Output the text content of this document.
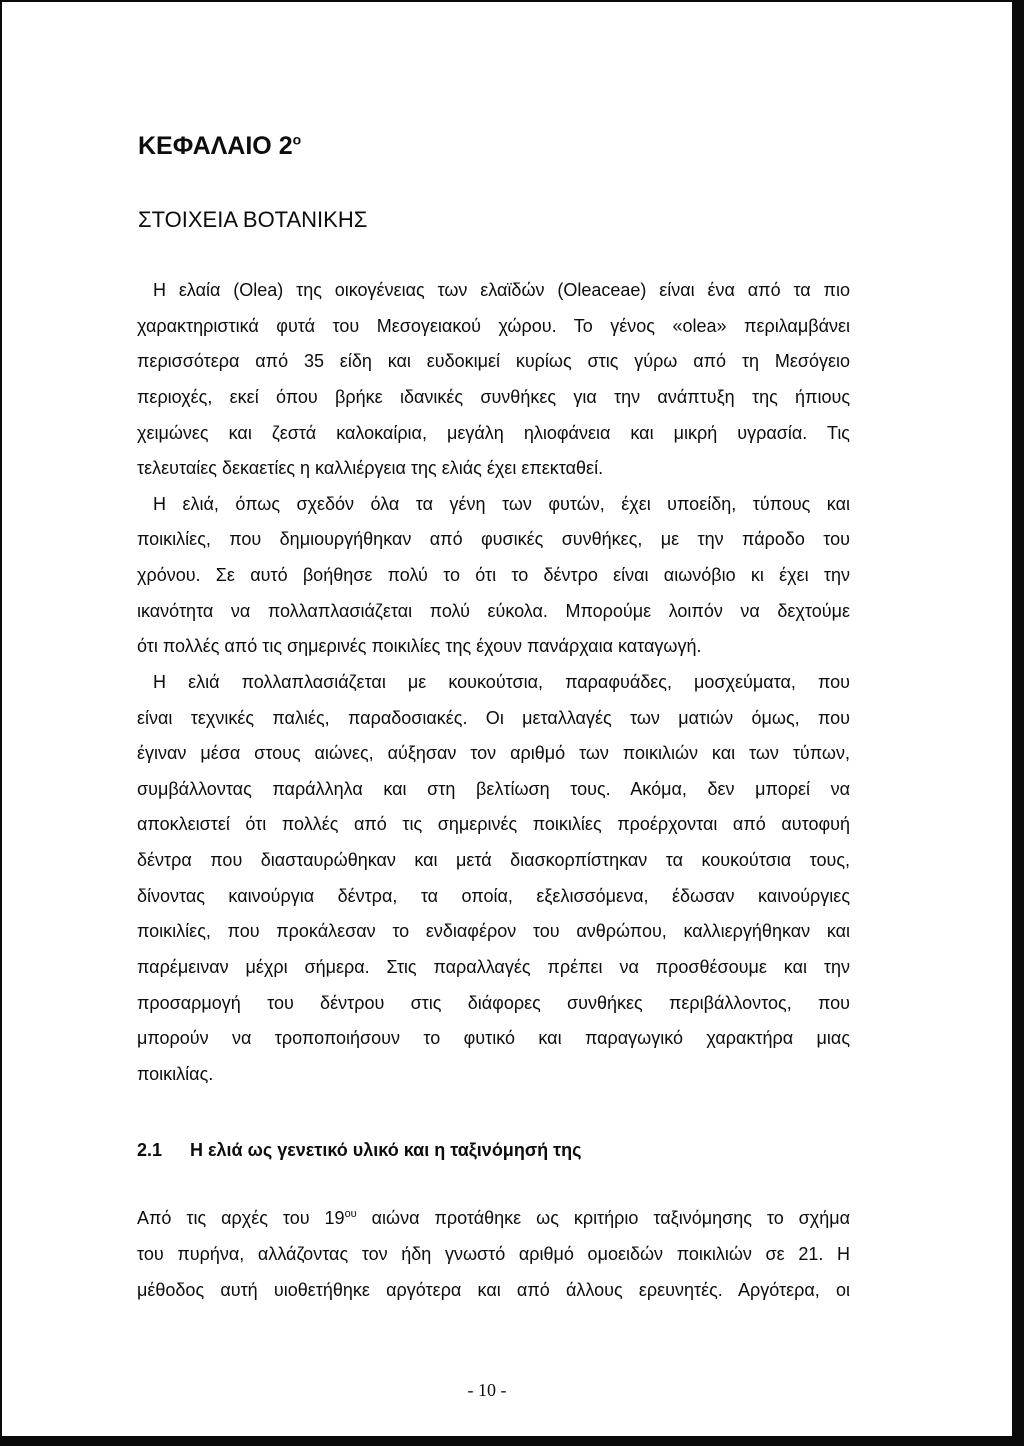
ΚΕΦΑΛΑΙΟ $2^o$
ΣΤΟΙΧΕΙΑ ΒΟΤΑΝΙΚΗΣ
Η ελαία (Olea) της οικογένειας των ελαϊδών (Oleaceae) είναι ένα από τα πιο
χαρακτηριστικά φυτά του Μεσογειακού χώρου. Το γένος «olea» περιλαμβάνει
περισσότερα από 35 είδη και ευδοκιμεί κυρίως στις γύρω από τη Μεσόγειο
περιοχές, εκεί όπου βρήκε ιδανικές συνθήκες για την ανάπτυξη της ήπιους
χειμώνες και ζεστά καλοκαίρια, μεγάλη ηλιοφάνεια και μικρή υγρασία. Τις
τελευταίες δεκαετίες η καλλιέργεια της ελιάς έχει επεκταθεί.
Η ελιά, όπως σχεδόν όλα τα γένη των φυτών, έχει υποείδη, τύπους και
ποικιλίες, που δημιουργήθηκαν από φυσικές συνθήκες, με την πάροδο του
χρόνου. Σε αυτό βοήθησε πολύ το ότι το δέντρο είναι αιωνόβιο κι έχει την
ικανότητα να πολλαπλασιάζεται πολύ εύκολα. Μπορούμε λοιπόν να δεχτούμε
ότι πολλές από τις σημερινές ποικιλίες της έχουν πανάρχαια καταγωγή.
Η ελιά πολλαπλασιάζεται με κουκούτσια, παραφυάδες, μοσχεύματα, που
είναι τεχνικές παλιές, παραδοσιακές. Οι μεταλλαγές των ματιών όμως, που
έγιναν μέσα στους αιώνες, αύξησαν τον αριθμό των ποικιλιών και των τύπων,
συμβάλλοντας παράλληλα και στη βελτίωση τους. Ακόμα, δεν μπορεί να
αποκλειστεί ότι πολλές από τις σημερινές ποικιλίες προέρχονται από αυτοφυή
δέντρα που διασταυρώθηκαν και μετά διασκορπίστηκαν τα κουκούτσια τους,
δίνοντας καινούργια δέντρα, τα οποία, εξελισσόμενα, έδωσαν καινούργιες
ποικιλίες, που προκάλεσαν το ενδιαφέρον του ανθρώπου, καλλιεργήθηκαν και
παρέμειναν μέχρι σήμερα. Στις παραλλαγές πρέπει να προσθέσουμε και την
προσαρμογή του δέντρου στις διάφορες συνθήκες περιβάλλοντος, που
μπορούν να τροποποιήσουν το φυτικό και παραγωγικό χαρακτήρα μιας
ποικιλίας.
2.1 Η ελιά ως γενετικό υλικό και η ταξινόμησή της
Από τις αρχές του $19^{o\upsilon}$ αιώνα προτάθηκε ως κριτήριο ταξινόμησης το σχήμα
του πυρήνα, αλλάζοντας τον ήδη γνωστό αριθμό ομοειδών ποικιλιών σε 21. Η
μέθοδος αυτή υιοθετήθηκε αργότερα και από άλλους ερευνητές. Αργότερα, οι
- 10 -
